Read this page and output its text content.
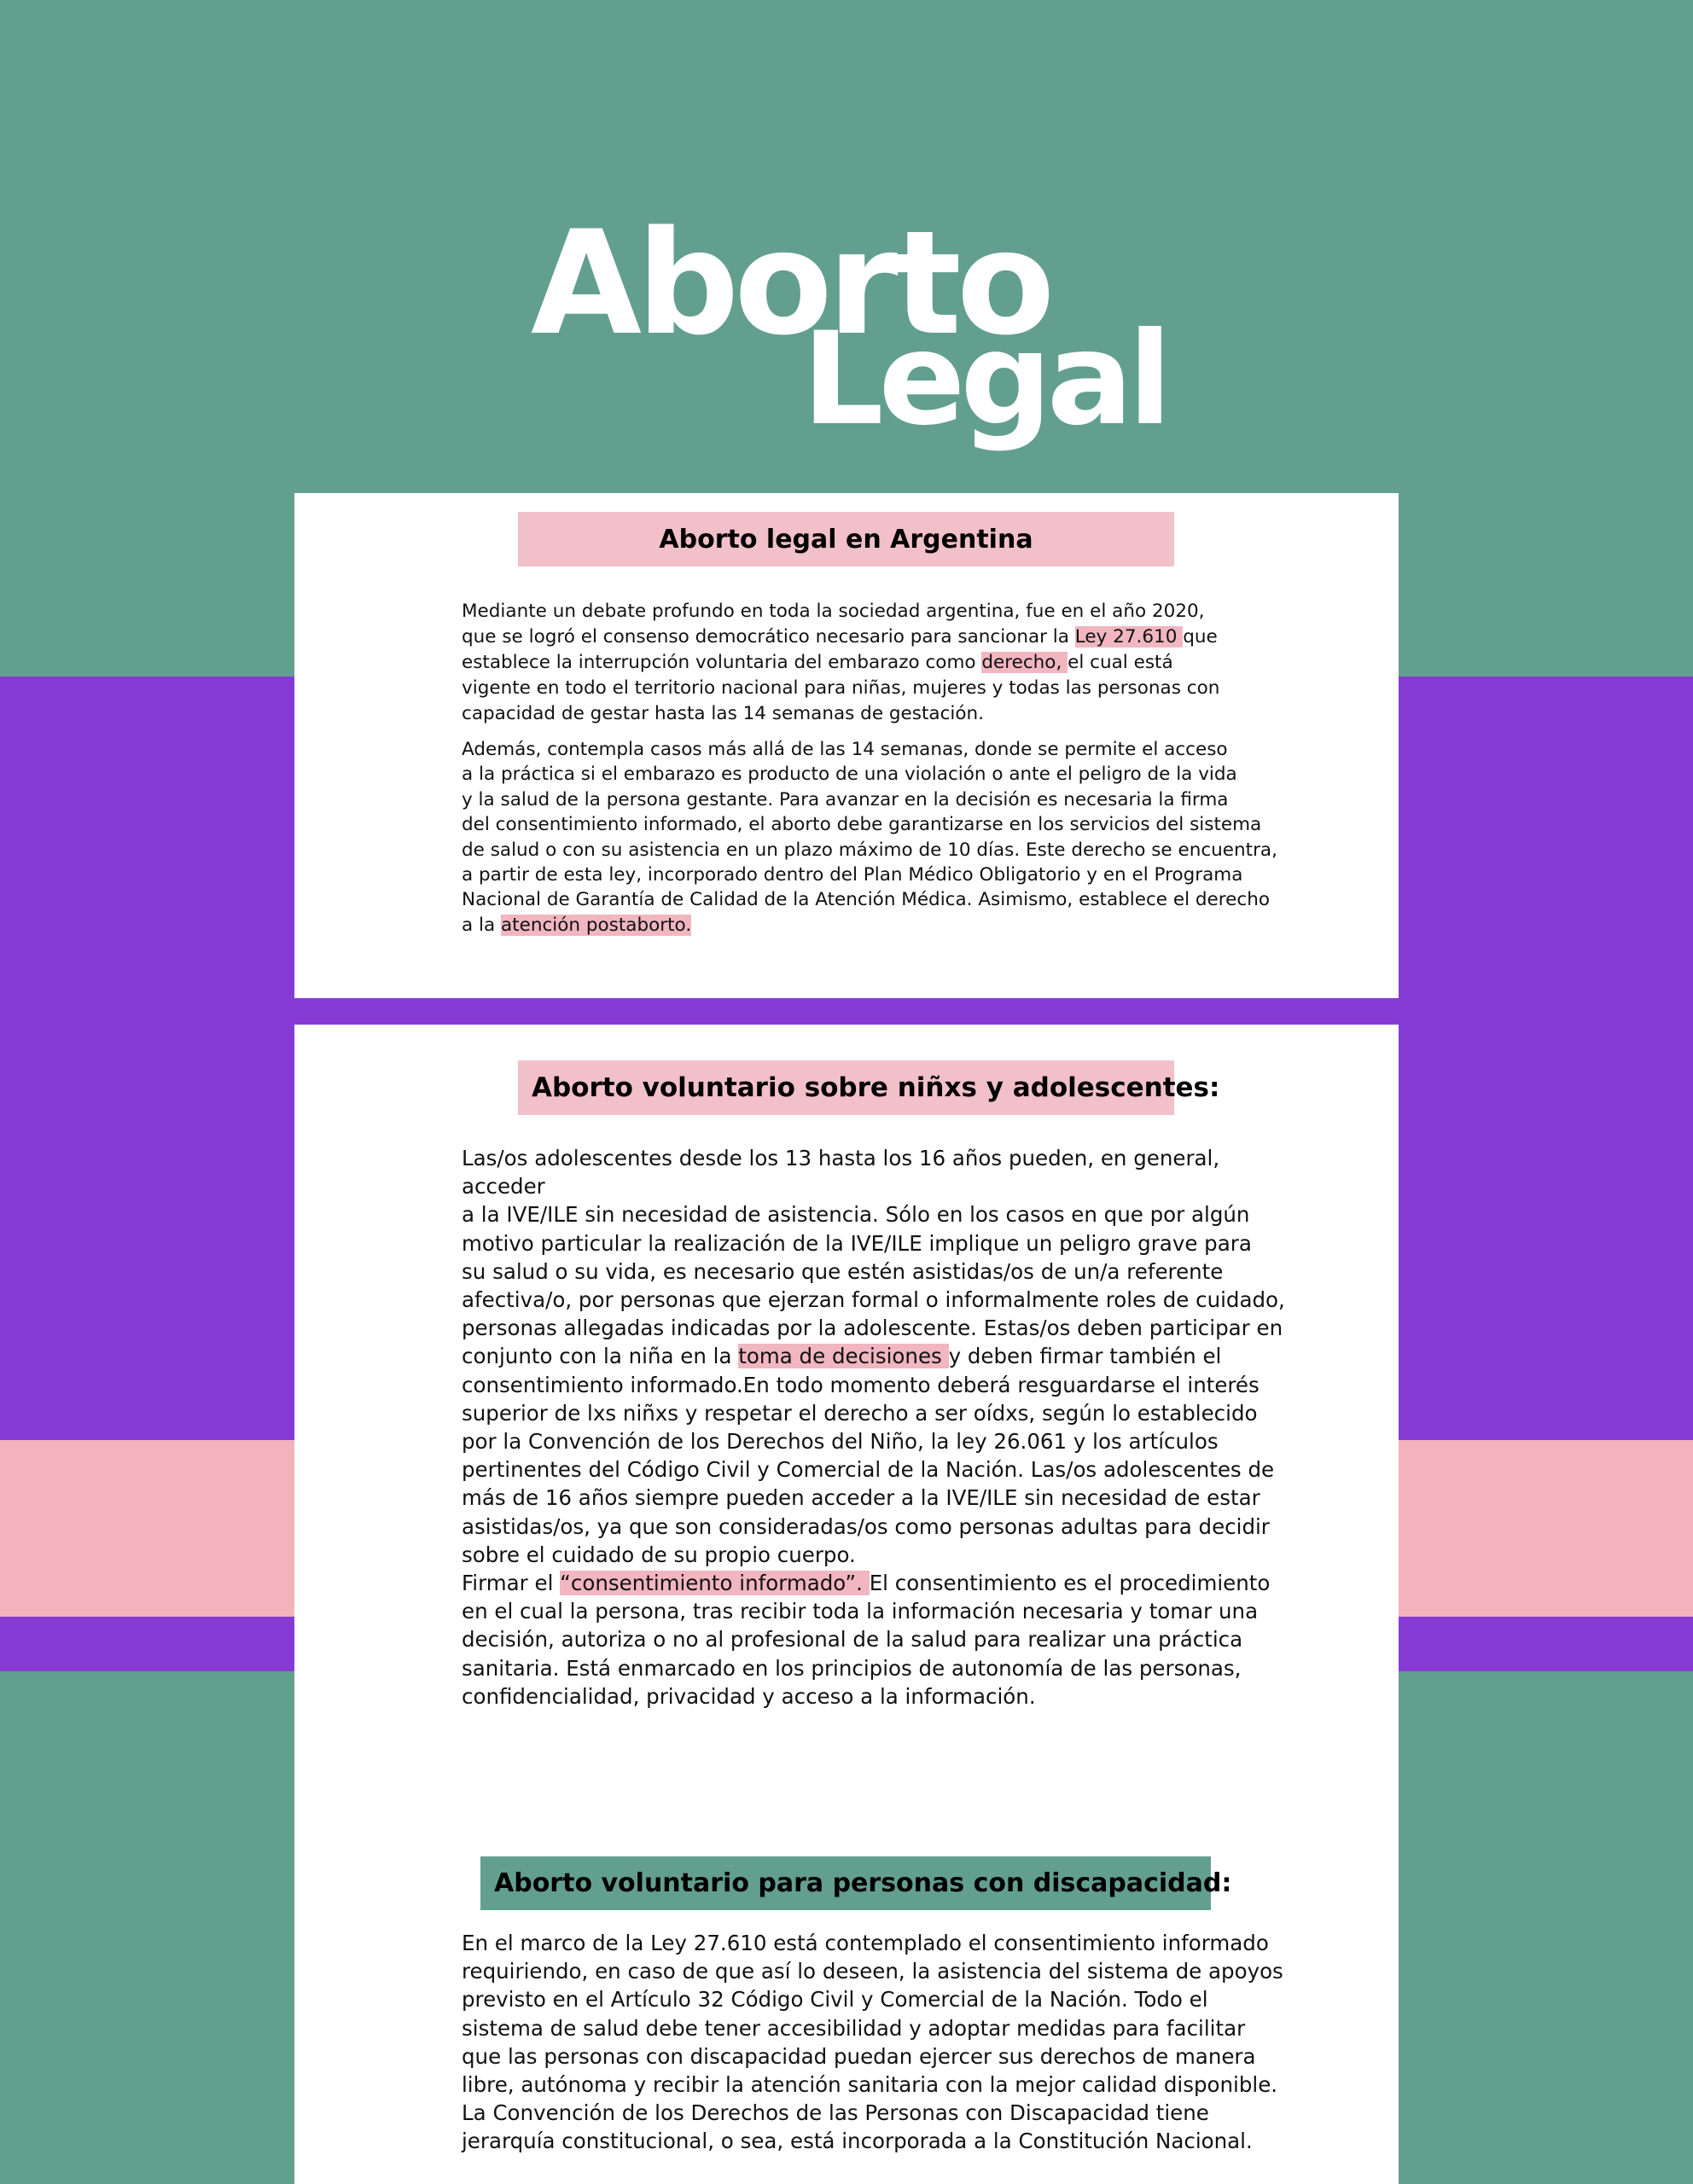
Aborto
Legal
Aborto legal en Argentina
Mediante un debate profundo en toda la sociedad argentina, fue en el año 2020,
que se logró el consenso democrático necesario para sancionar la Ley 27.610 que
establece la interrupción voluntaria del embarazo como derecho, el cual está
vigente en todo el territorio nacional para niñas, mujeres y todas las personas con
capacidad de gestar hasta las 14 semanas de gestación.
Además, contempla casos más allá de las 14 semanas, donde se permite el acceso
a la práctica si el embarazo es producto de una violación o ante el peligro de la vida
y la salud de la persona gestante. Para avanzar en la decisión es necesaria la firma
del consentimiento informado, el aborto debe garantizarse en los servicios del sistema
de salud o con su asistencia en un plazo máximo de 10 días. Este derecho se encuentra,
a partir de esta ley, incorporado dentro del Plan Médico Obligatorio y en el Programa
Nacional de Garantía de Calidad de la Atención Médica. Asimismo, establece el derecho
a la atención postaborto.
Aborto voluntario sobre niñxs y adolescentes:
Las/os adolescentes desde los 13 hasta los 16 años pueden, en general, acceder
a la IVE/ILE sin necesidad de asistencia. Sólo en los casos en que por algún
motivo particular la realización de la IVE/ILE implique un peligro grave para
su salud o su vida, es necesario que estén asistidas/os de un/a referente
afectiva/o, por personas que ejerzan formal o informalmente roles de cuidado,
personas allegadas indicadas por la adolescente. Estas/os deben participar en
conjunto con la niña en la toma de decisiones y deben firmar también el
consentimiento informado.En todo momento deberá resguardarse el interés
superior de lxs niñxs y respetar el derecho a ser oídxs, según lo establecido
por la Convención de los Derechos del Niño, la ley 26.061 y los artículos
pertinentes del Código Civil y Comercial de la Nación. Las/os adolescentes de
más de 16 años siempre pueden acceder a la IVE/ILE sin necesidad de estar
asistidas/os, ya que son consideradas/os como personas adultas para decidir
sobre el cuidado de su propio cuerpo.
Firmar el “consentimiento informado”. El consentimiento es el procedimiento
en el cual la persona, tras recibir toda la información necesaria y tomar una
decisión, autoriza o no al profesional de la salud para realizar una práctica
sanitaria. Está enmarcado en los principios de autonomía de las personas,
confidencialidad, privacidad y acceso a la información.
Aborto voluntario para personas con discapacidad:
En el marco de la Ley 27.610 está contemplado el consentimiento informado
requiriendo, en caso de que así lo deseen, la asistencia del sistema de apoyos
previsto en el Artículo 32 Código Civil y Comercial de la Nación. Todo el
sistema de salud debe tener accesibilidad y adoptar medidas para facilitar
que las personas con discapacidad puedan ejercer sus derechos de manera
libre, autónoma y recibir la atención sanitaria con la mejor calidad disponible.
La Convención de los Derechos de las Personas con Discapacidad tiene
jerarquía constitucional, o sea, está incorporada a la Constitución Nacional.
